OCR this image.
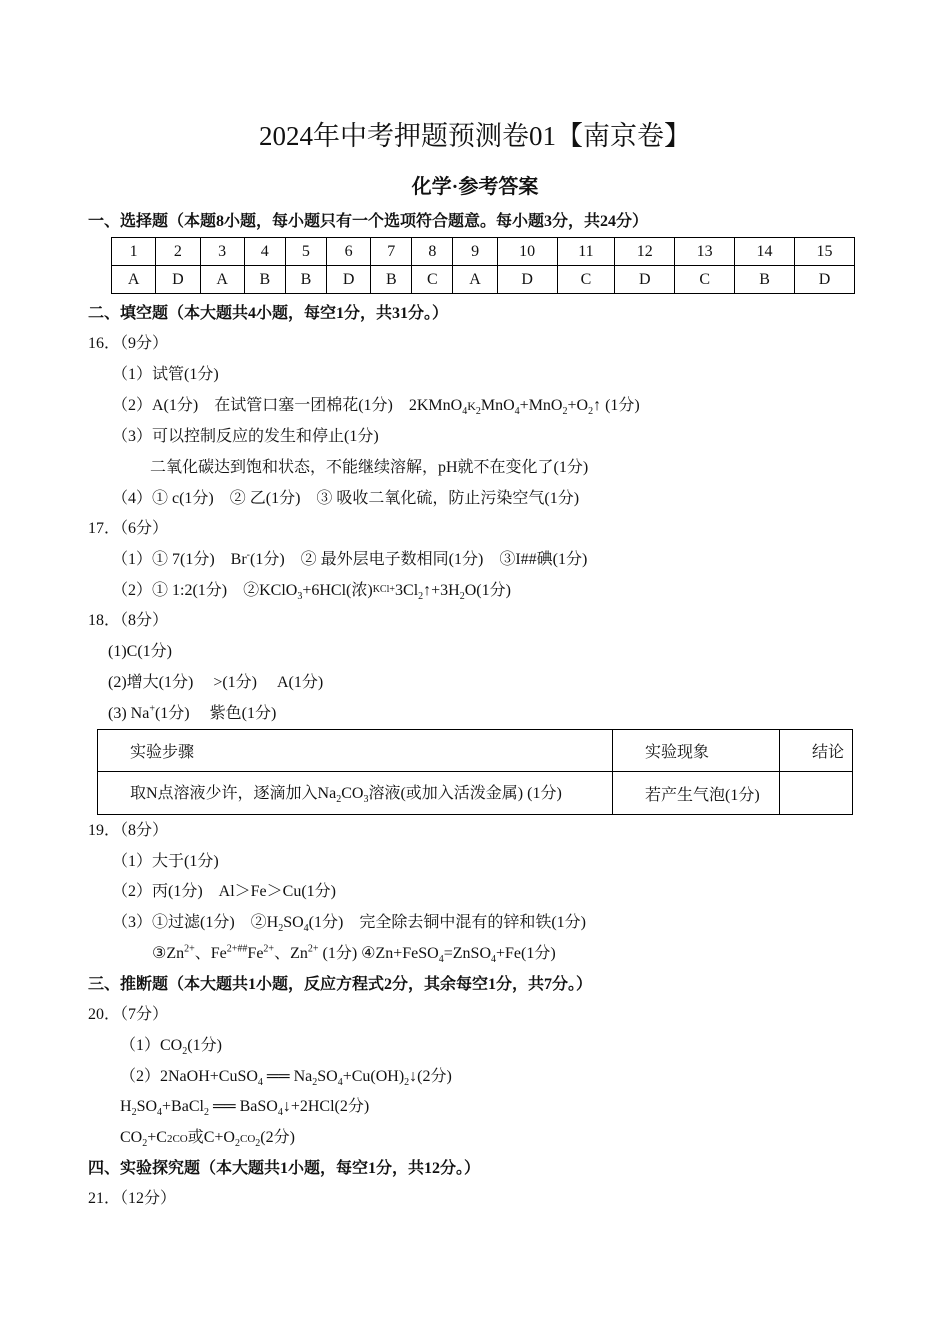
2024年中考押题预测卷01【南京卷】
化学·参考答案
一、选择题（本题8小题，每小题只有一个选项符合题意。每小题3分，共24分）
1	2	3	4	5	6	7	8	9	10	11	12	13	14	15
A	D	A	B	B	D	B	C	A	D	C	D	C	B	D
二、填空题（本大题共4小题，每空1分，共31分。）
16．（9分）
（1）试管(1分)
（2）A(1分)　在试管口塞一团棉花(1分)　$2KMnO_4K_2MnO_4+MnO_2+O_2↑$ (1分)
（3）可以控制反应的发生和停止(1分)
二氧化碳达到饱和状态，不能继续溶解，pH就不在变化了(1分)
（4）① c(1分)　② 乙(1分)　③ 吸收二氧化硫，防止污染空气(1分)
17．（6分）
（1）① 7(1分)　Br-(1分)　② 最外层电子数相同(1分)　③I##碘(1分)
（2）① 1:2(1分)　②KClO$_3$+6HCl(浓)$KCl+3Cl_2↑+3H_2O(1$分)
18．（8分）
(1)C(1分)
(2)增大(1分)　 >(1分)　 A(1分)
(3) Na+(1分)　 紫色(1分)
实验步骤	实验现象	结论
取N点溶液少许，逐滴加入$Na_2CO_3$溶液(或加入活泼金属) (1分)	若产生气泡(1分)	
19．（8分）
（1）大于(1分)
（2）丙(1分)　Al＞Fe＞Cu(1分)
（3）①过滤(1分)　$②H_2SO_4(1$分)　完全除去铜中混有的锌和铁(1分)
$③Zn^{2+}$、$Fe^{2+\#\#}Fe^{2+}$、$Zn^{2+}$ (1分) ④Zn+FeSO$_4$=ZnSO$_4$+Fe(1分)
三、推断题（本大题共1小题，反应方程式2分，其余每空1分，共7分。）
20．（7分）
$(1)CO_2(1$分)
（2）2NaOH+CuSO$_4$ ══ $Na_2SO_4+Cu(OH)_2↓(2$分)
$H_2SO_4+BaCl_2$ ══ BaSO$_4$↓+2HCl(2分)
$CO_2+C2CO$或$C+O_2CO_2(2$分)
四、实验探究题（本大题共1小题，每空1分，共12分。）
21．（12分）
